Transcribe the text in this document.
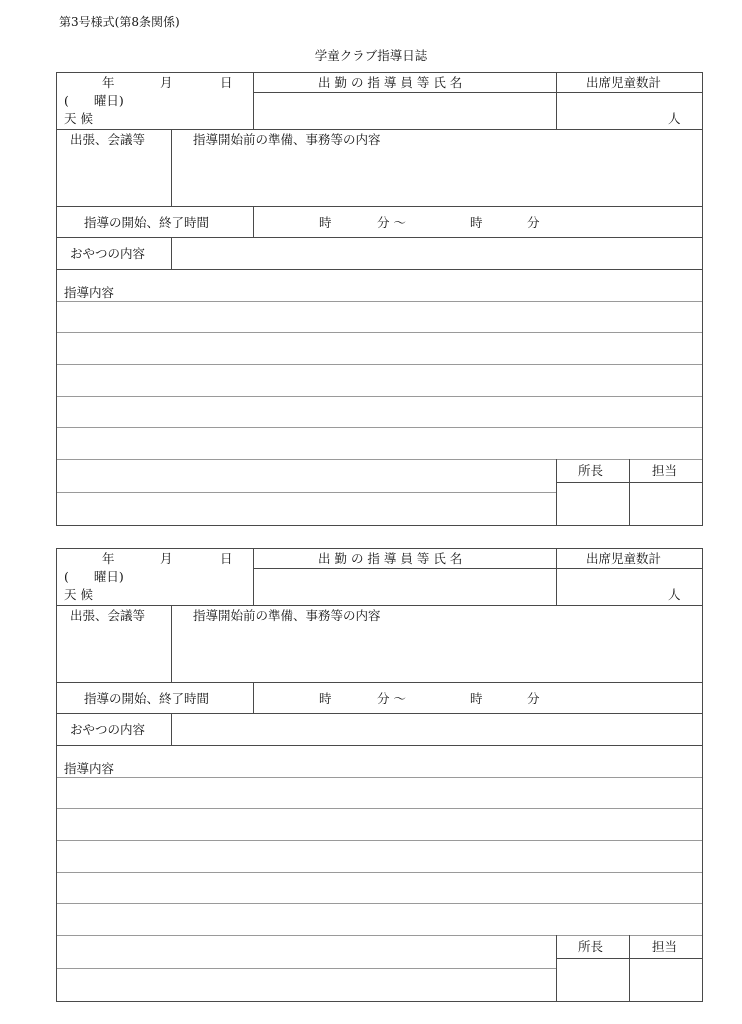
第3号様式(第8条関係)
学童クラブ指導日誌
年	月	日
(　　曜日)
天 候
出 勤 の 指 導 員 等 氏 名	出席児童数計
人
出張、会議等	指導開始前の準備、事務等の内容
指導の開始、終了時間	時	分 〜	時	分
おやつの内容
指導内容
所長	担当
年	月	日
(　　曜日)
天 候
出 勤 の 指 導 員 等 氏 名	出席児童数計
人
出張、会議等	指導開始前の準備、事務等の内容
指導の開始、終了時間	時	分 〜	時	分
おやつの内容
指導内容
所長	担当
